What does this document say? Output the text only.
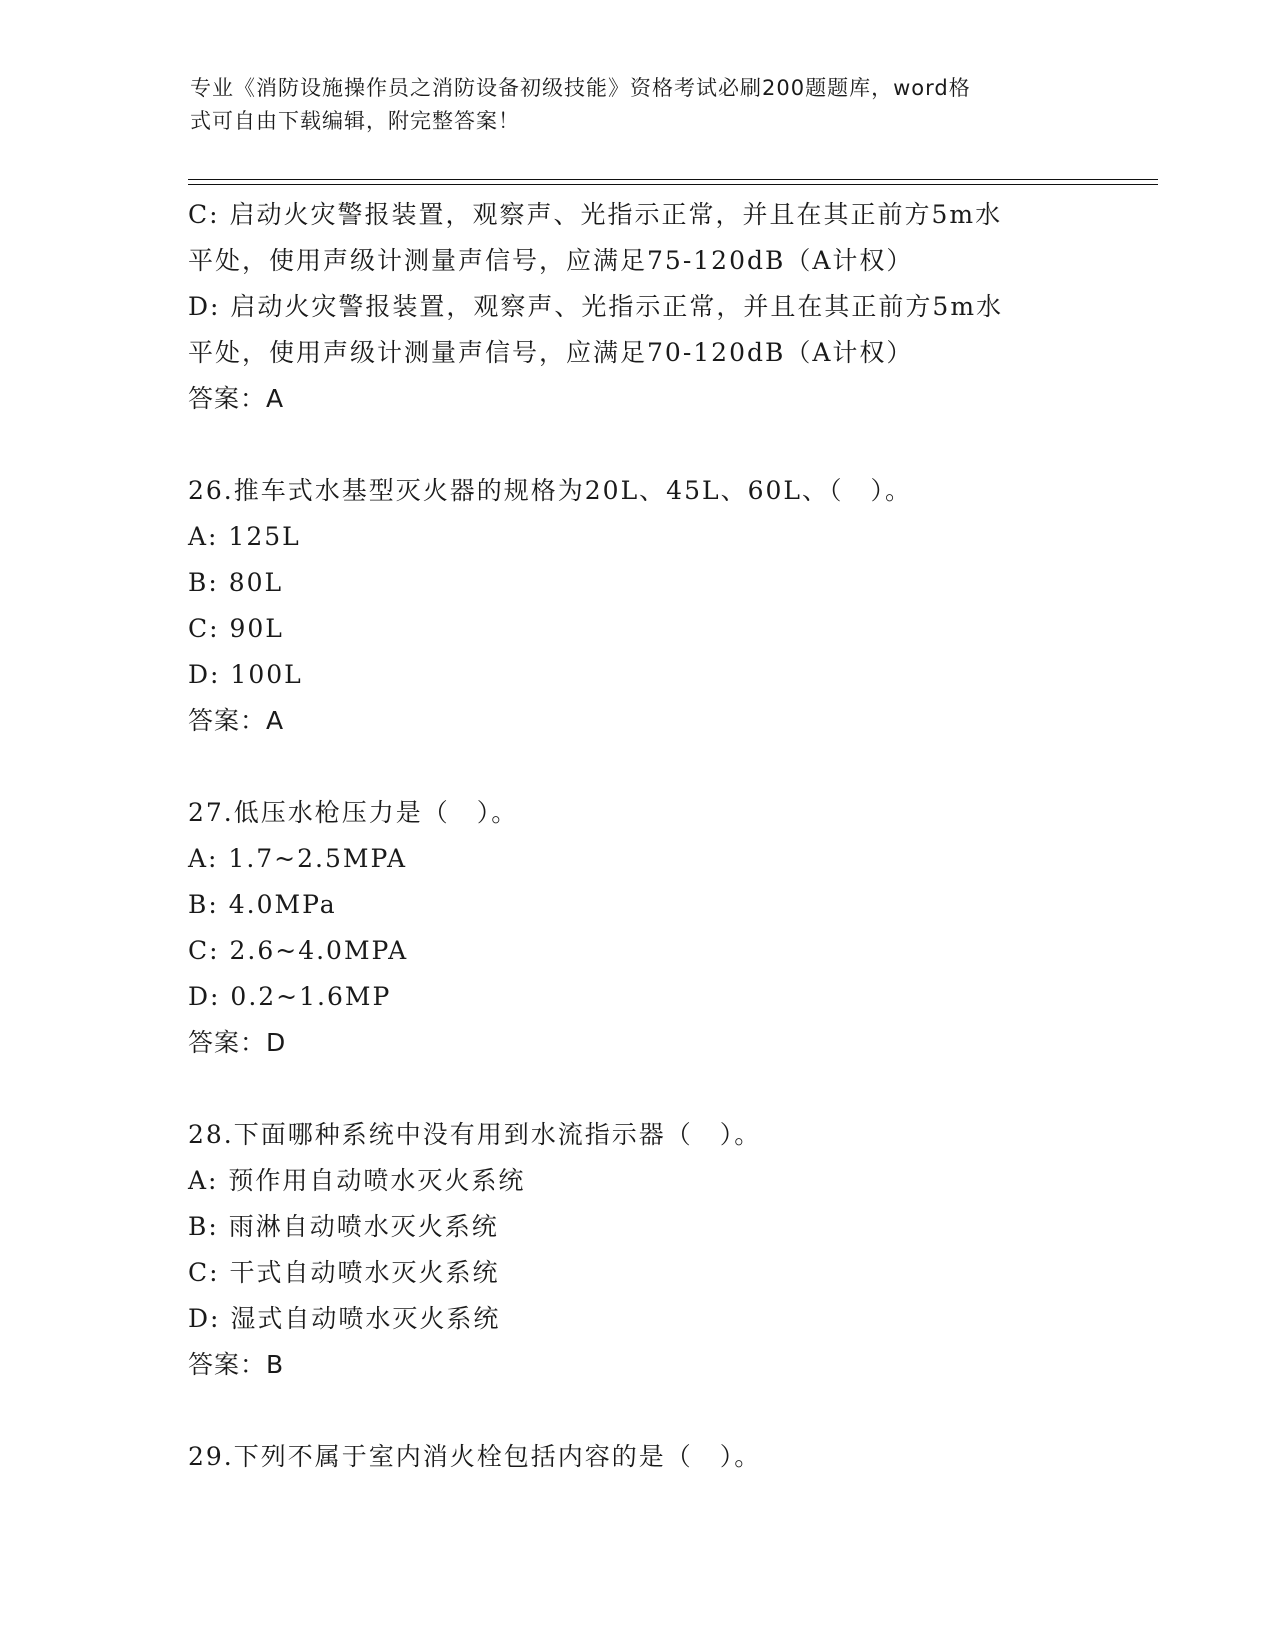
专业《消防设施操作员之消防设备初级技能》资格考试必刷200题题库，word格
式可自由下载编辑，附完整答案！
C: 启动火灾警报装置，观察声、光指示正常，并且在其正前方5m水
平处，使用声级计测量声信号，应满足75-120dB（A计权）
D: 启动火灾警报装置，观察声、光指示正常，并且在其正前方5m水
平处，使用声级计测量声信号，应满足70-120dB（A计权）
答案：A
26.推车式水基型灭火器的规格为20L、45L、60L、（　）。
A: 125L
B: 80L
C: 90L
D: 100L
答案：A
27.低压水枪压力是（　）。
A: 1.7~2.5MPA
B: 4.0MPa
C: 2.6~4.0MPA
D: 0.2~1.6MP
答案：D
28.下面哪种系统中没有用到水流指示器（　）。
A: 预作用自动喷水灭火系统
B: 雨淋自动喷水灭火系统
C: 干式自动喷水灭火系统
D: 湿式自动喷水灭火系统
答案：B
29.下列不属于室内消火栓包括内容的是（　）。
